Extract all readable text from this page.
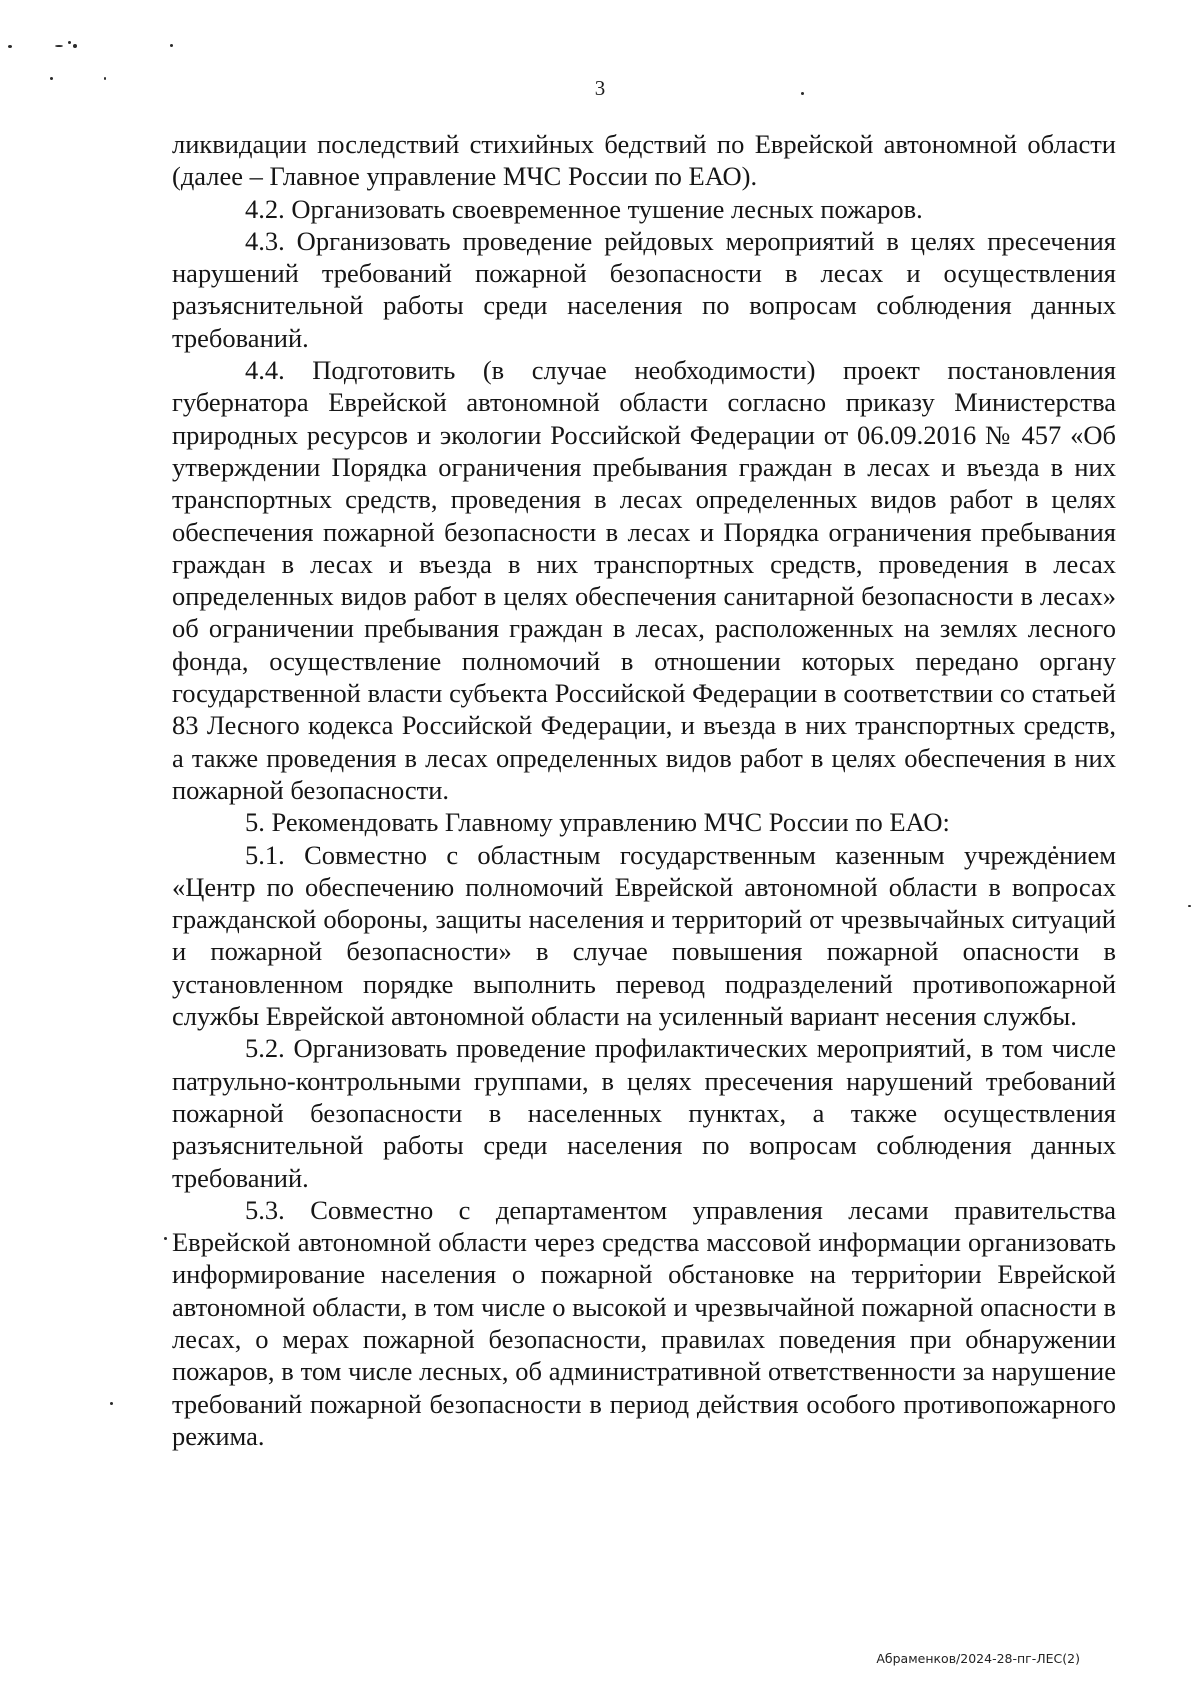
3

ликвидации последствий стихийных бедствий по Еврейской автономной области (далее – Главное управление МЧС России по ЕАО).

4.2. Организовать своевременное тушение лесных пожаров.

4.3. Организовать проведение рейдовых мероприятий в целях пресечения нарушений требований пожарной безопасности в лесах и осуществления разъяснительной работы среди населения по вопросам соблюдения данных требований.

4.4. Подготовить (в случае необходимости) проект постановления губернатора Еврейской автономной области согласно приказу Министерства природных ресурсов и экологии Российской Федерации от 06.09.2016 № 457 «Об утверждении Порядка ограничения пребывания граждан в лесах и въезда в них транспортных средств, проведения в лесах определенных видов работ в целях обеспечения пожарной безопасности в лесах и Порядка ограничения пребывания граждан в лесах и въезда в них транспортных средств, проведения в лесах определенных видов работ в целях обеспечения санитарной безопасности в лесах» об ограничении пребывания граждан в лесах, расположенных на землях лесного фонда, осуществление полномочий в отношении которых передано органу государственной власти субъекта Российской Федерации в соответствии со статьей 83 Лесного кодекса Российской Федерации, и въезда в них транспортных средств, а также проведения в лесах определенных видов работ в целях обеспечения в них пожарной безопасности.

5. Рекомендовать Главному управлению МЧС России по ЕАО:

5.1. Совместно с областным государственным казенным учреждением «Центр по обеспечению полномочий Еврейской автономной области в вопросах гражданской обороны, защиты населения и территорий от чрезвычайных ситуаций и пожарной безопасности» в случае повышения пожарной опасности в установленном порядке выполнить перевод подразделений противопожарной службы Еврейской автономной области на усиленный вариант несения службы.

5.2. Организовать проведение профилактических мероприятий, в том числе патрульно-контрольными группами, в целях пресечения нарушений требований пожарной безопасности в населенных пунктах, а также осуществления разъяснительной работы среди населения по вопросам соблюдения данных требований.

5.3. Совместно с департаментом управления лесами правительства Еврейской автономной области через средства массовой информации организовать информирование населения о пожарной обстановке на территории Еврейской автономной области, в том числе о высокой и чрезвычайной пожарной опасности в лесах, о мерах пожарной безопасности, правилах поведения при обнаружении пожаров, в том числе лесных, об административной ответственности за нарушение требований пожарной безопасности в период действия особого противопожарного режима.

Абраменков/2024-28-пг-ЛЕС(2)
